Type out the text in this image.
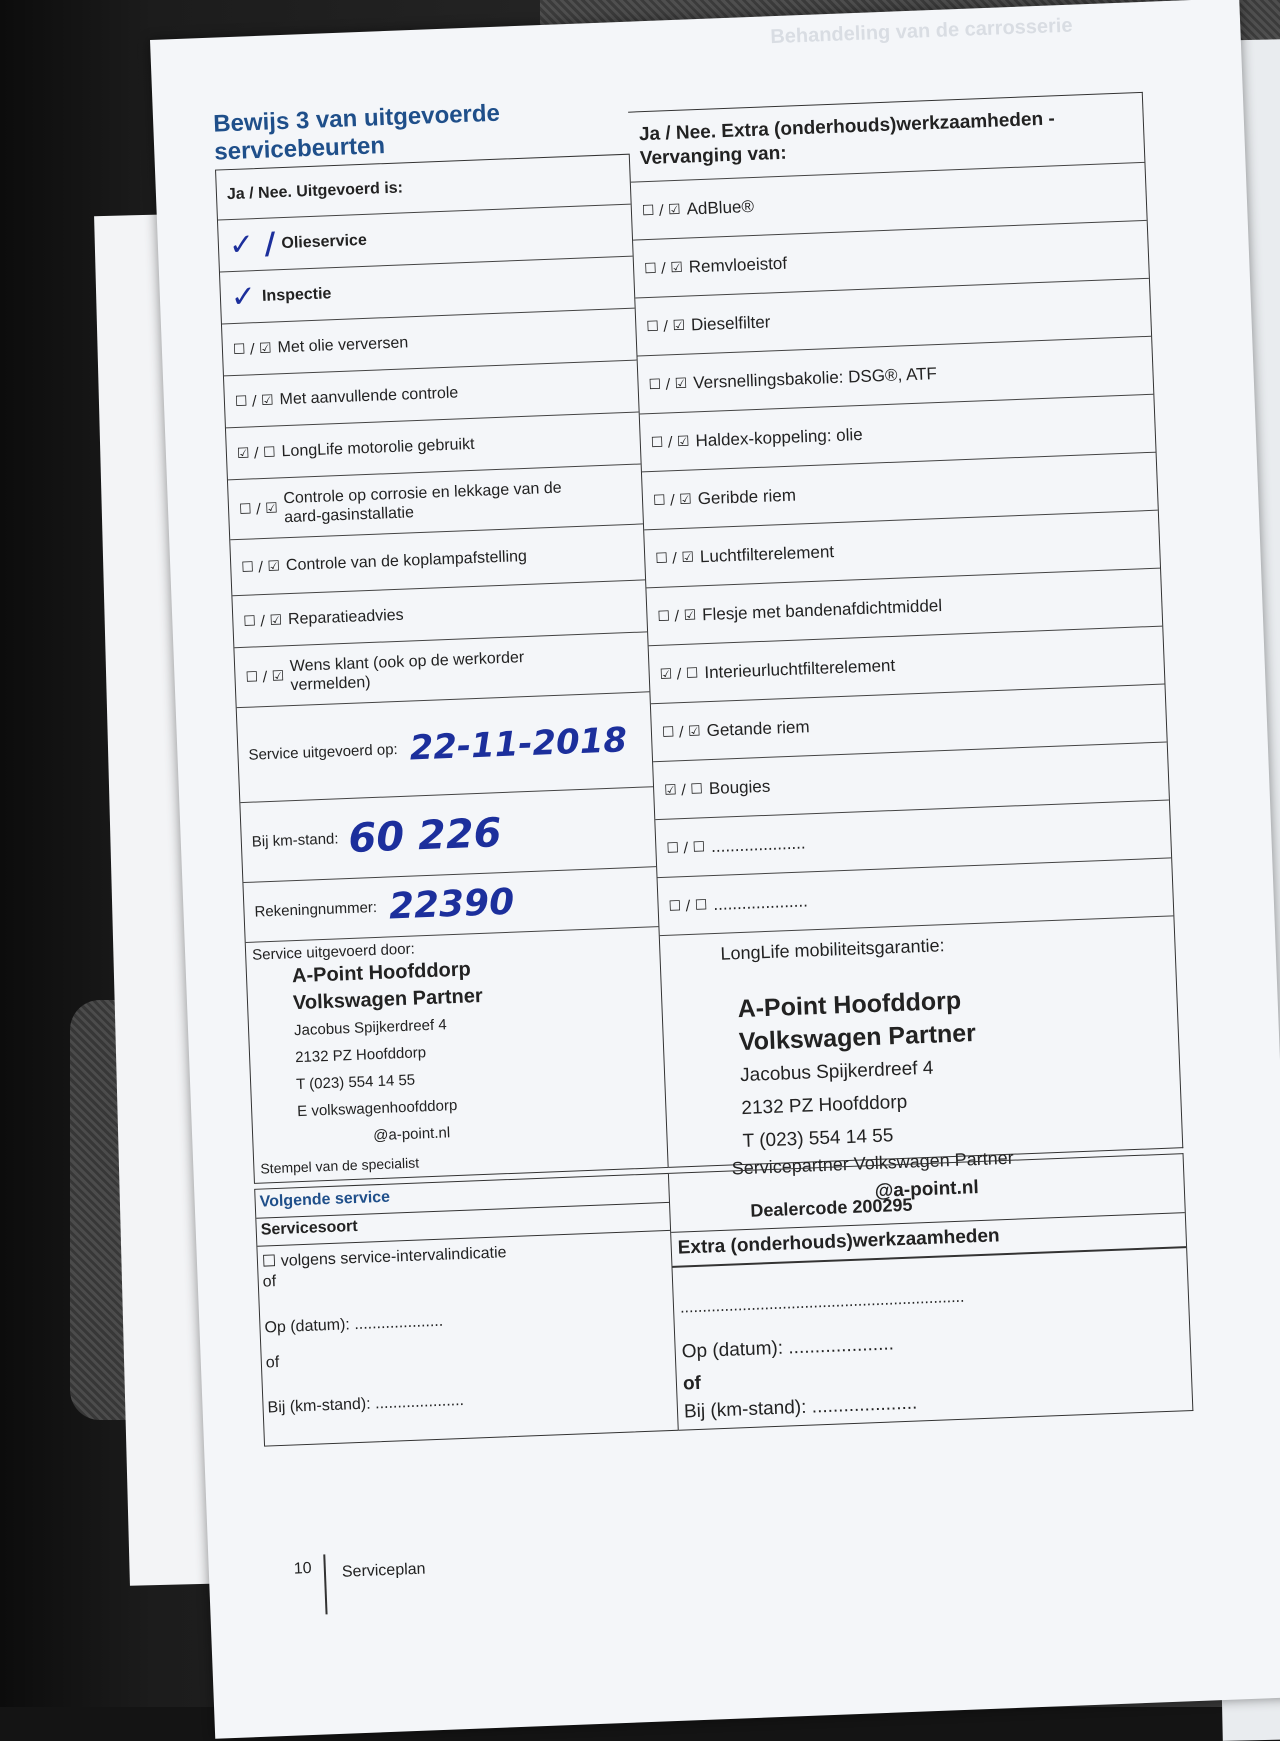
Behandeling van de carrosserie
Bewijs 3 van uitgevoerde servicebeurten
Ja / Nee. Uitgevoerd is:
✓ / Olieservice
✓ Inspectie
☐ / ☑ Met olie verversen
☐ / ☑ Met aanvullende controle
☑ / ☐ LongLife motorolie gebruikt
☐ / ☑
Controle op corrosie en lekkage van de aard-gasinstallatie
☐ / ☑ Controle van de koplampafstelling
☐ / ☑ Reparatieadvies
☐ / ☑
Wens klant (ook op de werkorder vermelden)
Service uitgevoerd op: 22-11-2018
Bij km-stand: 60 226
Rekeningnummer: 22390
Service uitgevoerd door:
A-Point Hoofddorp
Volkswagen Partner
Jacobus Spijkerdreef 4
2132 PZ Hoofddorp
T (023) 554 14 55
E volkswagenhoofddorp
@a-point.nl
Stempel van de specialist
Ja / Nee. Extra (onderhouds)werkzaamheden - Vervanging van:
☐ / ☑ AdBlue®
☐ / ☑ Remvloeistof
☐ / ☑ Dieselfilter
☐ / ☑ Versnellingsbakolie: DSG®, ATF
☐ / ☑ Haldex-koppeling: olie
☐ / ☑ Geribde riem
☐ / ☑ Luchtfilterelement
☐ / ☑ Flesje met bandenafdichtmiddel
☑ / ☐ Interieurluchtfilterelement
☐ / ☑ Getande riem
☑ / ☐ Bougies
☐ / ☐ ....................
☐ / ☐ ....................
LongLife mobiliteitsgarantie:
A-Point Hoofddorp
Volkswagen Partner
Jacobus Spijkerdreef 4
2132 PZ Hoofddorp
T (023) 554 14 55
Servicepartner Volkswagen Partner
@a-point.nl
Volgende service
Servicesoort
☐ volgens service-intervalindicatie
of
Op (datum): ....................
of
Bij (km-stand): ....................
Dealercode 200295
Extra (onderhouds)werkzaamheden
................................................................
Op (datum): ....................
of
Bij (km-stand): ....................
10 Serviceplan
